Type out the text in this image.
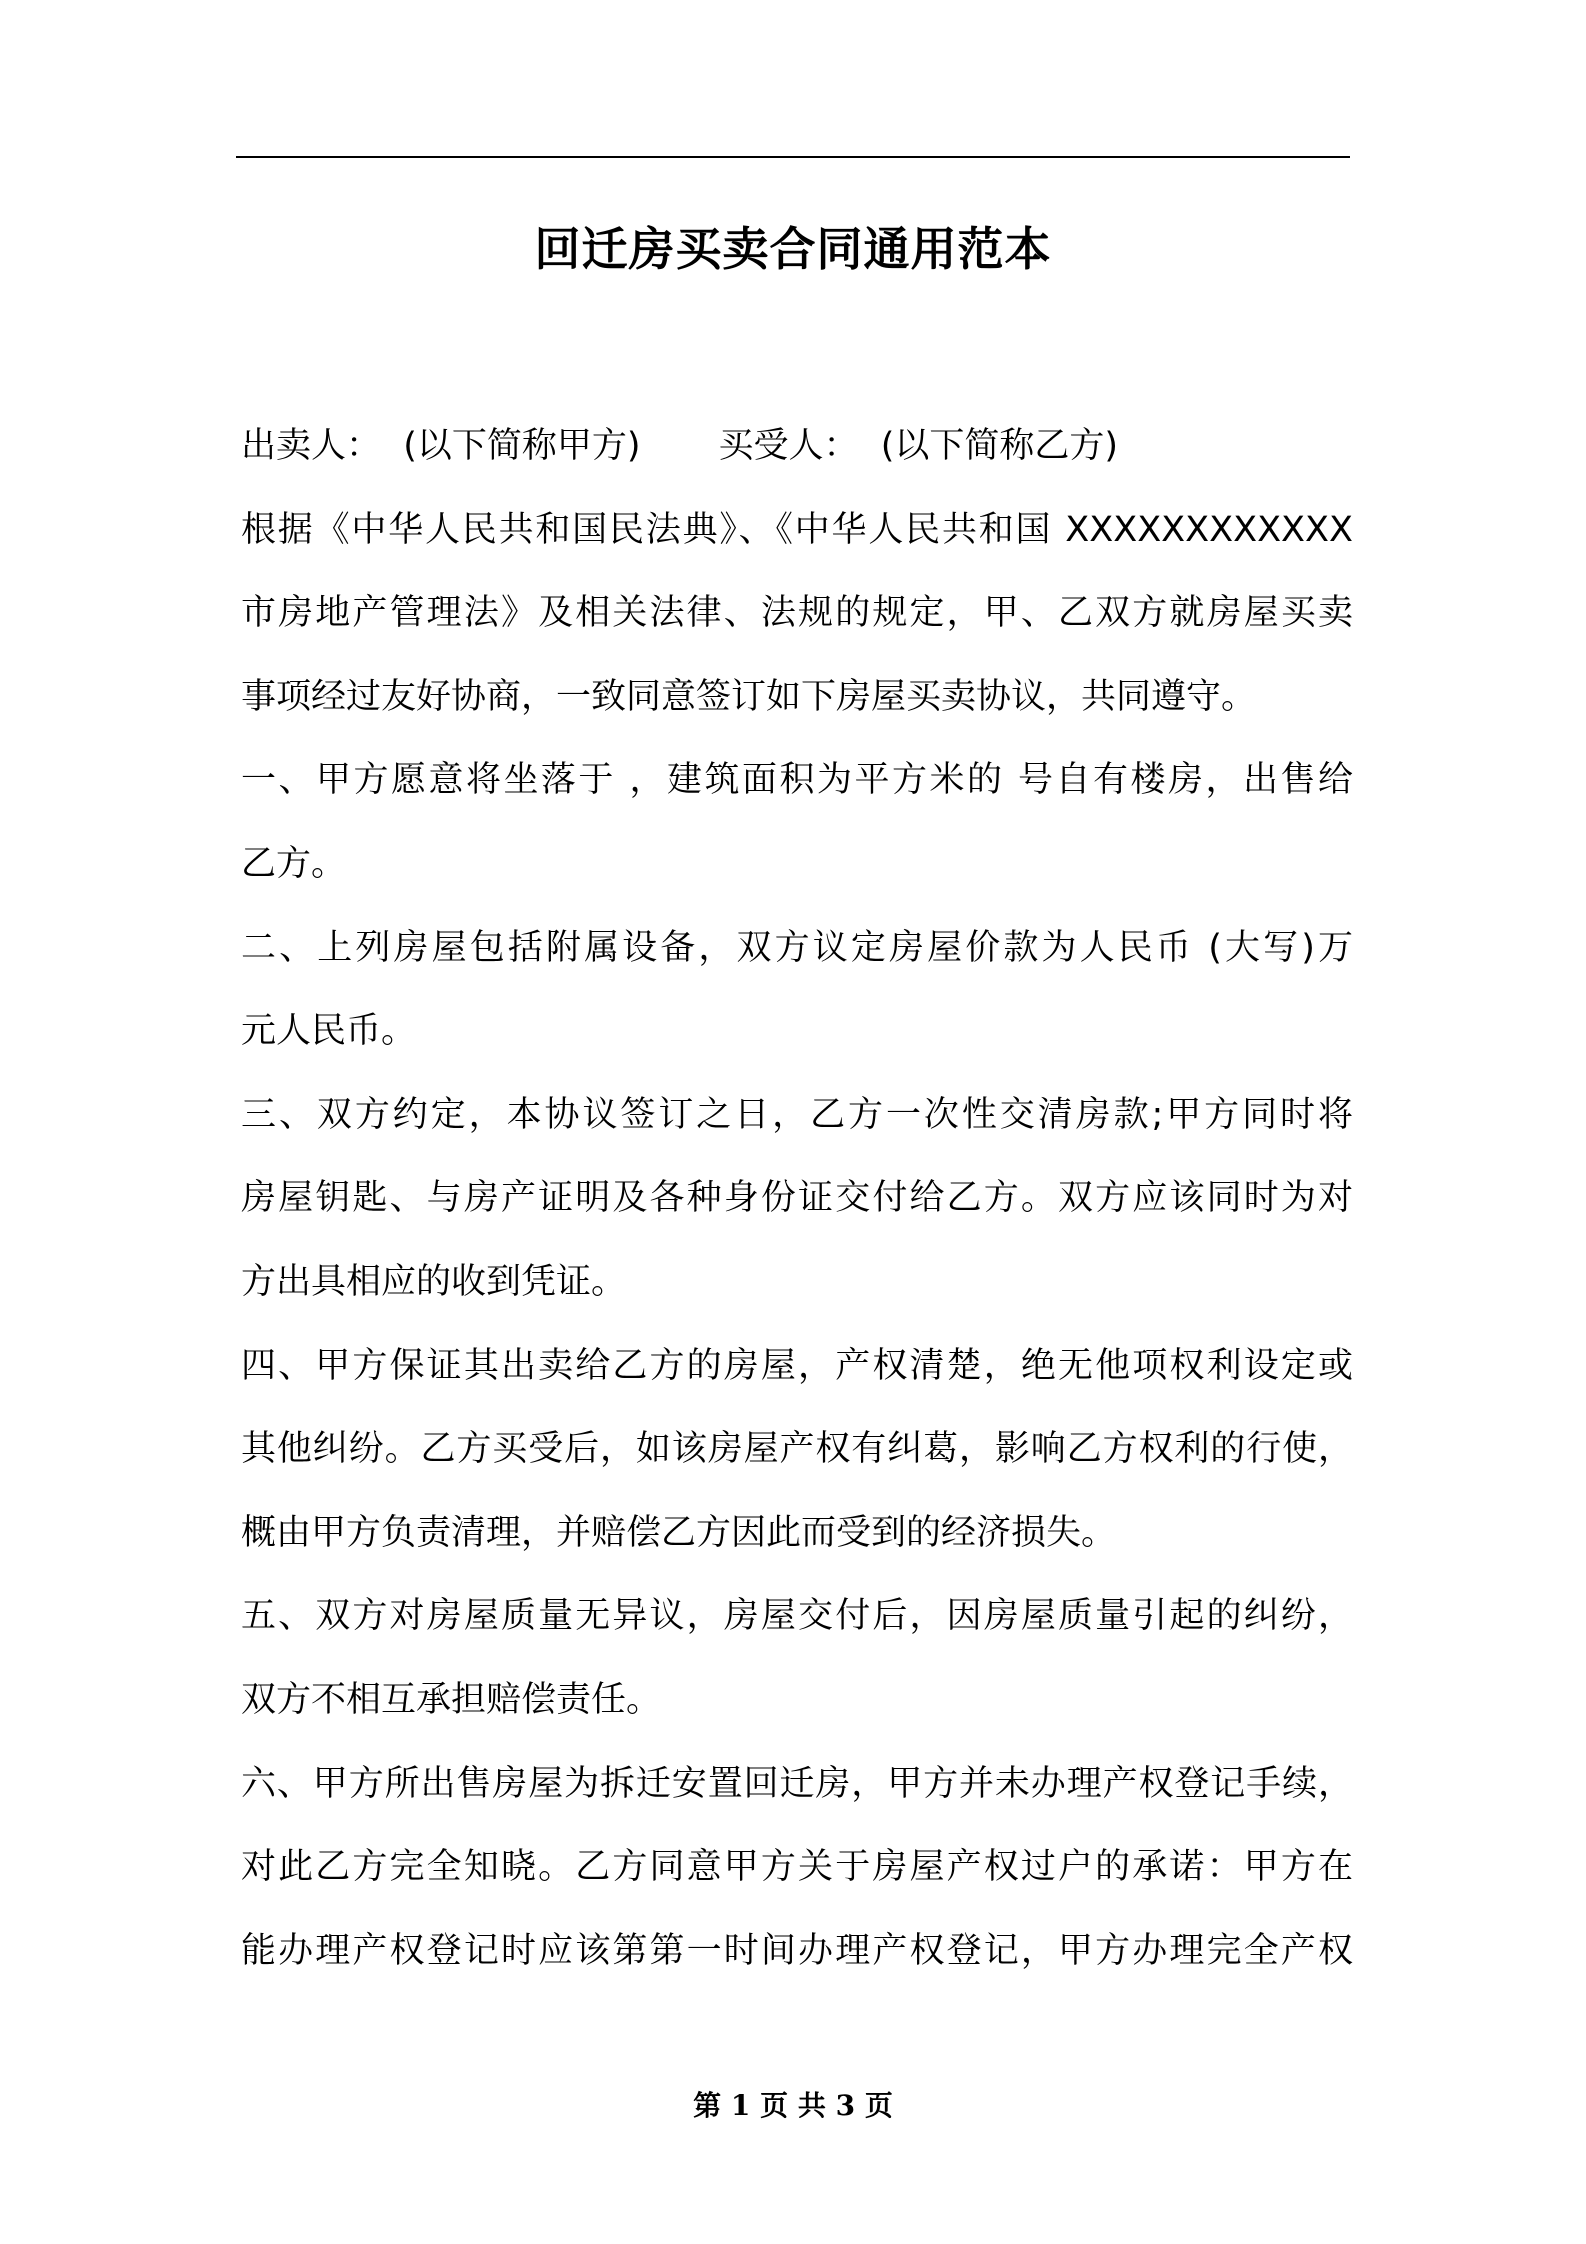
回迁房买卖合同通用范本
出卖人： (以下简称甲方) 买受人： (以下简称乙方)
根据《中华人民共和国民法典》、《中华人民共和国 XXXXXXXXXXXX
市房地产管理法》及相关法律、法规的规定，甲、乙双方就房屋买卖
事项经过友好协商，一致同意签订如下房屋买卖协议，共同遵守。
一、甲方愿意将坐落于 ，建筑面积为平方米的 号自有楼房，出售给
乙方。
二、上列房屋包括附属设备，双方议定房屋价款为人民币 (大写)万
元人民币。
三、双方约定，本协议签订之日，乙方一次性交清房款;甲方同时将
房屋钥匙、与房产证明及各种身份证交付给乙方。双方应该同时为对
方出具相应的收到凭证。
四、甲方保证其出卖给乙方的房屋，产权清楚，绝无他项权利设定或
其他纠纷。乙方买受后，如该房屋产权有纠葛，影响乙方权利的行使，
概由甲方负责清理，并赔偿乙方因此而受到的经济损失。
五、双方对房屋质量无异议，房屋交付后，因房屋质量引起的纠纷，
双方不相互承担赔偿责任。
六、甲方所出售房屋为拆迁安置回迁房，甲方并未办理产权登记手续，
对此乙方完全知晓。乙方同意甲方关于房屋产权过户的承诺：甲方在
能办理产权登记时应该第第一时间办理产权登记，甲方办理完全产权
第 1 页 共 3 页
